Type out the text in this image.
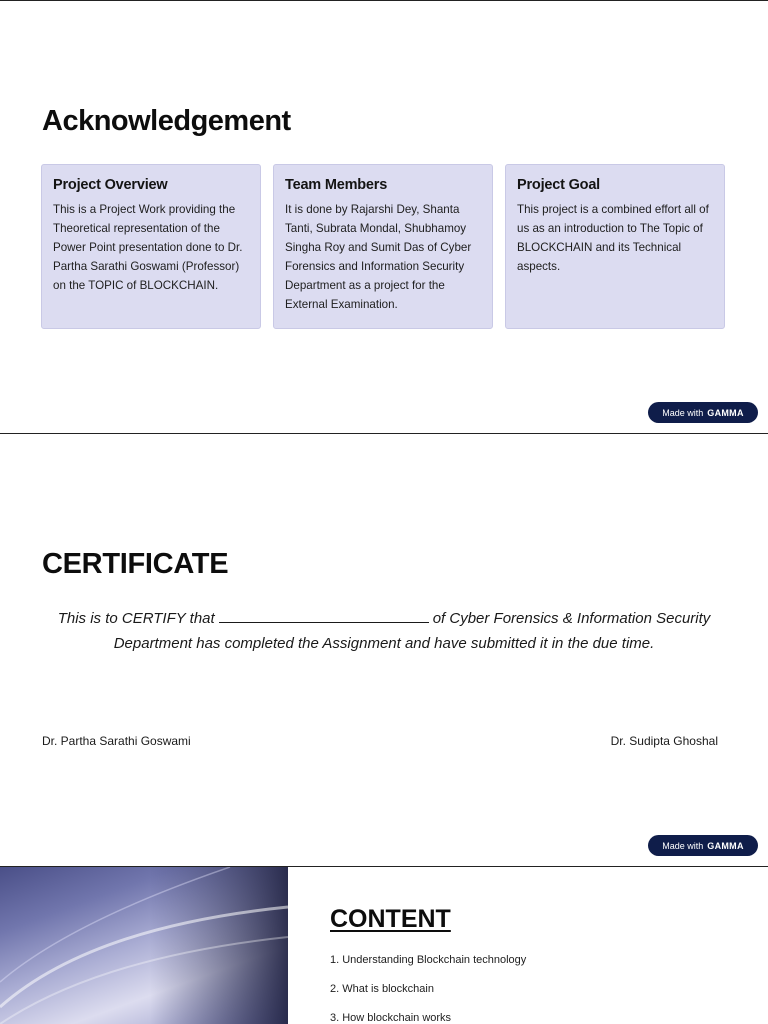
Acknowledgement
Project Overview
This is a Project Work providing the Theoretical representation of the Power Point presentation done to Dr. Partha Sarathi Goswami (Professor) on the TOPIC of BLOCKCHAIN.
Team Members
It is done by Rajarshi Dey, Shanta Tanti, Subrata Mondal, Shubhamoy Singha Roy and Sumit Das of Cyber Forensics and Information Security Department as a project for the External Examination.
Project Goal
This project is a combined effort all of us as an introduction to The Topic of BLOCKCHAIN and its Technical aspects.
Made with GAMMA
CERTIFICATE

This is to CERTIFY that	of Cyber Forensics & Information Security Department has completed the Assignment and have submitted it in the due time.

Dr. Partha Sarathi Goswami	Dr. Sudipta Ghoshal
Made with GAMMA
CONTENT
1. Understanding Blockchain technology
2. What is blockchain
3. How blockchain works
